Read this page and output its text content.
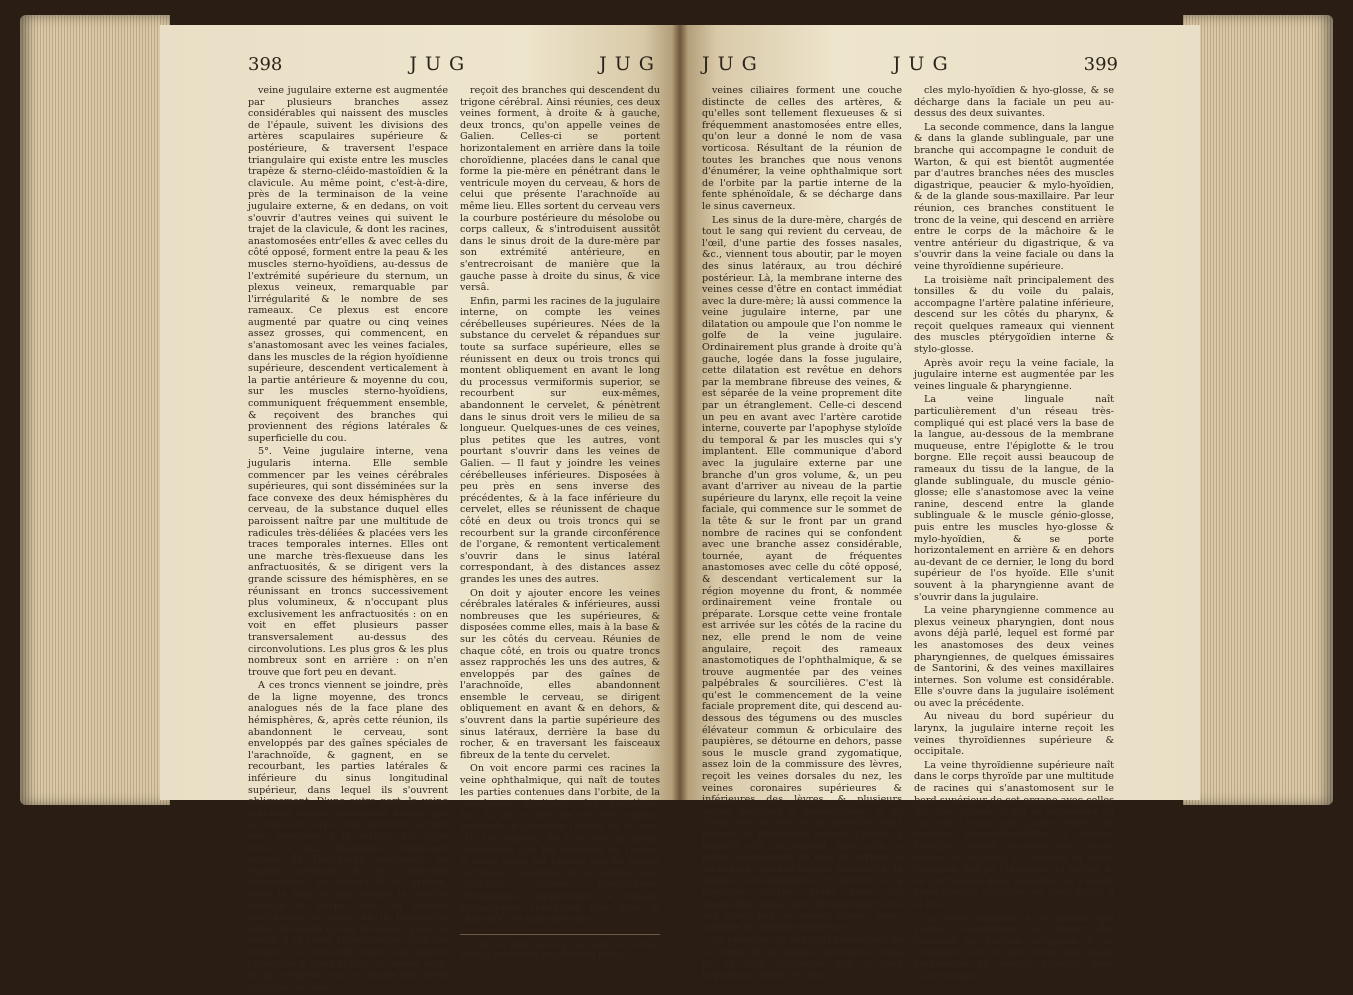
398	JUG	JUG

veine jugulaire externe est augmentée par plusieurs branches assez considérables qui naissent des muscles de l'épaule, suivent les divisions des artères scapulaires supérieure & postérieure, & traversent l'espace triangulaire qui existe entre les muscles trapèze & sterno-cléido-mastoïdien & la clavicule. Au même point, c'est-à-dire, près de la terminaison de la veine jugulaire externe, & en dedans, on voit s'ouvrir d'autres veines qui suivent le trajet de la clavicule, & dont les racines, anastomosées entr'elles & avec celles du côté opposé, forment entre la peau & les muscles sterno-hyoïdiens, au-dessus de l'extrémité supérieure du sternum, un plexus veineux, remarquable par l'irrégularité & le nombre de ses rameaux. Ce plexus est encore augmenté par quatre ou cinq veines assez grosses, qui commencent, en s'anastomosant avec les veines faciales, dans les muscles de la région hyoïdienne supérieure, descendent verticalement à la partie antérieure & moyenne du cou, sur les muscles sterno-hyoïdiens, communiquent fréquemment ensemble, & reçoivent des branches qui proviennent des régions latérales & superficielle du cou.

5°. Veine jugulaire interne, vena jugularis interna. Elle semble commencer par les veines cérébrales supérieures, qui sont disséminées sur la face convexe des deux hémisphères du cerveau, de la substance duquel elles paroissent naître par une multitude de radicules très-déliées & placées vers les traces temporales internes. Elles ont une marche très-flexueuse dans les anfractuosités, & se dirigent vers la grande scissure des hémisphères, en se réunissant en troncs successivement plus volumineux, & n'occupant plus exclusivement les anfractuosités : on en voit en effet plusieurs passer transversalement au-dessus des circonvolutions. Les plus gros & les plus nombreux sont en arrière : on n'en trouve que fort peu en devant.

A ces troncs viennent se joindre, près de la ligne moyenne, des troncs analogues nés de la face plane des hémisphères, &, après cette réunion, ils abandonnent le cerveau, sont enveloppés par des gaînes spéciales de l'arachnoïde, & gagnent, en se recourbant, les parties latérales & inférieure du sinus longitudinal supérieur, dans lequel ils s'ouvrent obliquement. D'une autre part, la veine jugulaire interne commence encore par la veine du corps strié, dont les racines sont étendues à la surface du corps strié, & qui, elle-même, commence auprès de l'extrémité antérieure du trigone cérébral, & se contourne obliquement en dehors & en arrière, dans la rainure qui sépare la couche optique du corps strié, en suivant exactement le trajet de la bandelette demi-circulaire qui la recouvre, pour se réunir à la veine choroïdienne, dont les racines se trouvent dans les plexus choroïdes & dans la toile du même nom, & qui serpente sur la couche des nerfs optiques, où elle

reçoit des branches qui descendent du trigone cérébral. Ainsi réunies, ces deux veines forment, à droite & à gauche, deux troncs, qu'on appelle veines de Galien. Celles-ci se portent horizontalement en arrière dans la toile choroïdienne, placées dans le canal que forme la pie-mère en pénétrant dans le ventricule moyen du cerveau, & hors de celui que présente l'arachnoïde au même lieu. Elles sortent du cerveau vers la courbure postérieure du mésolobe ou corps calleux, & s'introduisent aussitôt dans le sinus droit de la dure-mère par son extrémité antérieure, en s'entrecroisant de manière que la gauche passe à droite du sinus, & vice versâ.

Enfin, parmi les racines de la jugulaire interne, on compte les veines cérébelleuses supérieures. Nées de la substance du cervelet & répandues sur toute sa surface supérieure, elles se réunissent en deux ou trois troncs qui montent obliquement en avant le long du processus vermiformis superior, se recourbent sur eux-mêmes, abandonnent le cervelet, & pénètrent dans le sinus droit vers le milieu de sa longueur. Quelques-unes de ces veines, plus petites que les autres, vont pourtant s'ouvrir dans les veines de Galien. — Il faut y joindre les veines cérébelleuses inférieures. Disposées à peu près en sens inverse des précédentes, & à la face inférieure du cervelet, elles se réunissent de chaque côté en deux ou trois troncs qui se recourbent sur la grande circonférence de l'organe, & remontent verticalement s'ouvrir dans le sinus latéral correspondant, à des distances assez grandes les unes des autres.

On doit y ajouter encore les veines cérébrales latérales & inférieures, aussi nombreuses que les supérieures, & disposées comme elles, mais à la base & sur les côtés du cerveau. Réunies de chaque côté, en trois ou quatre troncs assez rapprochés les uns des autres, & enveloppés par des gaînes de l'arachnoïde, elles abandonnent ensemble le cerveau, se dirigent obliquement en avant & en dehors, & s'ouvrent dans la partie supérieure des sinus latéraux, derrière la base du rocher, & en traversant les faisceaux fibreux de la tente du cervelet.

On voit encore parmi ces racines la veine ophthalmique, qui naît de toutes les parties contenues dans l'orbite, de la membrane pituitaire, des paupières, &c., &, en un mot, de tous les organes auxquels se distribue l'artère de ce nom (1). Les racines de l'une ont la même disposition que les rameaux de l'autre, & cette veine est formée par les veines lacrymale, centrale de la rétine, sus-orbitaire, ciliaires, musculaires, ethmoïdales, palpébrales & nasale. Remarquons cependant que, dans la choroïde, les radicules des

(1) On n'a point encore découvert de veines dans la membrane pupillaire du fœtus.
JUG	JUG	399

veines ciliaires forment une couche distincte de celles des artères, & qu'elles sont tellement flexueuses & si fréquemment anastomosées entre elles, qu'on leur a donné le nom de vasa vorticosa. Résultant de la réunion de toutes les branches que nous venons d'énumérer, la veine ophthalmique sort de l'orbite par la partie interne de la fente sphénoïdale, & se décharge dans le sinus caverneux.

Les sinus de la dure-mère, chargés de tout le sang qui revient du cerveau, de l'œil, d'une partie des fosses nasales, &c., viennent tous aboutir, par le moyen des sinus latéraux, au trou déchiré postérieur. Là, la membrane interne des veines cesse d'être en contact immédiat avec la dure-mère; là aussi commence la veine jugulaire interne, par une dilatation ou ampoule que l'on nomme le golfe de la veine jugulaire. Ordinairement plus grande à droite qu'à gauche, logée dans la fosse jugulaire, cette dilatation est revêtue en dehors par la membrane fibreuse des veines, & est séparée de la veine proprement dite par un étranglement. Celle-ci descend un peu en avant avec l'artère carotide interne, couverte par l'apophyse styloïde du temporal & par les muscles qui s'y implantent. Elle communique d'abord avec la jugulaire externe par une branche d'un gros volume, &, un peu avant d'arriver au niveau de la partie supérieure du larynx, elle reçoit la veine faciale, qui commence sur le sommet de la tête & sur le front par un grand nombre de racines qui se confondent avec une branche assez considérable, tournée, ayant de fréquentes anastomoses avec celle du côté opposé, & descendant verticalement sur la région moyenne du front, & nommée ordinairement veine frontale ou préparate. Lorsque cette veine frontale est arrivée sur les côtés de la racine du nez, elle prend le nom de veine angulaire, reçoit des rameaux anastomotiques de l'ophthalmique, & se trouve augmentée par des veines palpébrales & sourcilières. C'est là qu'est le commencement de la veine faciale proprement dite, qui descend au-dessous des tégumens ou des muscles élévateur commun & orbiculaire des paupières, se détourne en dehors, passe sous le muscle grand zygomatique, assez loin de la commissure des lèvres, reçoit les veines dorsales du nez, les veines coronaires supérieures & inférieures des lèvres, & plusieurs veines buccales & massétérines, & se dirige vers la base de la mâchoire, sans former de flexuosités comme l'artère à laquelle elle correspond. Alors elle se porte obliquement en bas, en arrière & en dehors, entre le muscle peaucier & la glande sous-maxillaire, & parvient à la jugulaire interne, après avoir été augmentée dans cette dernière partie de son trajet par les veines ranine, sous-mentale & palatine inférieure.

La première de ces trois veines naît de la pointe de la langue, descend le long de sa face inférieure, suit le nerf hypoglosse entre les mus-

cles mylo-hyoïdien & hyo-glosse, & se décharge dans la faciale un peu au-dessus des deux suivantes.

La seconde commence, dans la langue & dans la glande sublinguale, par une branche qui accompagne le conduit de Warton, & qui est bientôt augmentée par d'autres branches nées des muscles digastrique, peaucier & mylo-hyoïdien, & de la glande sous-maxillaire. Par leur réunion, ces branches constituent le tronc de la veine, qui descend en arrière entre le corps de la mâchoire & le ventre antérieur du digastrique, & va s'ouvrir dans la veine faciale ou dans la veine thyroïdienne supérieure.

La troisième naît principalement des tonsilles & du voile du palais, accompagne l'artère palatine inférieure, descend sur les côtés du pharynx, & reçoit quelques rameaux qui viennent des muscles ptérygoïdien interne & stylo-glosse.

Après avoir reçu la veine faciale, la jugulaire interne est augmentée par les veines linguale & pharyngienne.

La veine linguale naît particulièrement d'un réseau très-compliqué qui est placé vers la base de la langue, au-dessous de la membrane muqueuse, entre l'épiglotte & le trou borgne. Elle reçoit aussi beaucoup de rameaux du tissu de la langue, de la glande sublinguale, du muscle génio-glosse; elle s'anastomose avec la veine ranine, descend entre la glande sublinguale & le muscle génio-glosse, puis entre les muscles hyo-glosse & mylo-hyoïdien, & se porte horizontalement en arrière & en dehors au-devant de ce dernier, le long du bord supérieur de l'os hyoïde. Elle s'unit souvent à la pharyngienne avant de s'ouvrir dans la jugulaire.

La veine pharyngienne commence au plexus veineux pharyngien, dont nous avons déjà parlé, lequel est formé par les anastomoses des deux veines pharyngiennes, de quelques émissaires de Santorini, & des veines maxillaires internes. Son volume est considérable. Elle s'ouvre dans la jugulaire isolément ou avec la précédente.

Au niveau du bord supérieur du larynx, la jugulaire interne reçoit les veines thyroïdiennes supérieure & occipitale.

La veine thyroïdienne supérieure naît dans le corps thyroïde par une multitude de racines qui s'anastomosent sur le bord supérieur de cet organe avec celles du côté opposé, & qui se réunissent en un seul tronc qui passe entre les muscles sterno-thyroïdien & sterno-hyoïdien, reçoit souvent les veines ranine & linguale, & toujours la veine laryngée, née de l'intérieur du larynx, & se partage en deux branches, & s'ouvre aussi dans la jugulaire par deux points à la fois.

La veine occipitale a ses racines qui suivent exactement le trajet des rameaux de l'artère occipitale & se réunissent en un seul tronc qui passe au-dessous du muscle splénius pour s'ouvrir dans
